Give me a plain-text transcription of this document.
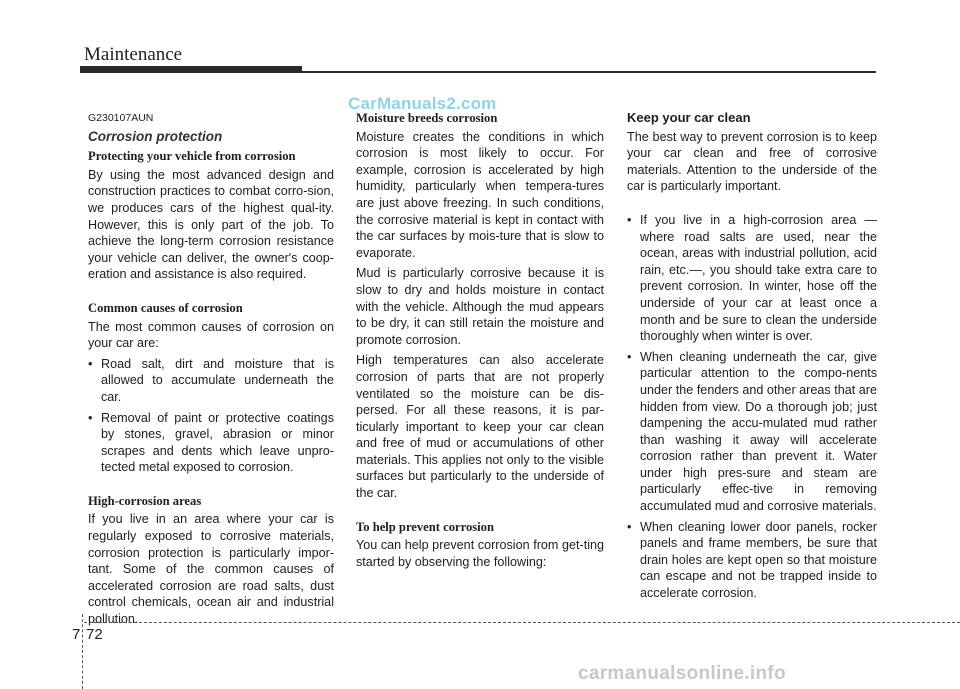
Maintenance
CarManuals2.com
G230107AUN
Corrosion protection
Protecting your vehicle from corrosion

By using the most advanced design and construction practices to combat corro-sion, we produces cars of the highest qual-ity. However, this is only part of the job. To achieve the long-term corrosion resistance your vehicle can deliver, the owner's coop-eration and assistance is also required.

Common causes of corrosion

The most common causes of corrosion on your car are:

• Road salt, dirt and moisture that is allowed to accumulate underneath the car.
• Removal of paint or protective coatings by stones, gravel, abrasion or minor scrapes and dents which leave unpro-tected metal exposed to corrosion.
High-corrosion areas

If you live in an area where your car is regularly exposed to corrosive materials, corrosion protection is particularly impor-tant. Some of the common causes of accelerated corrosion are road salts, dust control chemicals, ocean air and industrial pollution.

Moisture breeds corrosion

Moisture creates the conditions in which corrosion is most likely to occur. For example, corrosion is accelerated by high humidity, particularly when tempera-tures are just above freezing. In such conditions, the corrosive material is kept in contact with the car surfaces by mois-ture that is slow to evaporate.

Mud is particularly corrosive because it is slow to dry and holds moisture in contact with the vehicle. Although the mud appears to be dry, it can still retain the moisture and promote corrosion.

High temperatures can also accelerate corrosion of parts that are not properly ventilated so the moisture can be dis-persed. For all these reasons, it is par-ticularly important to keep your car clean and free of mud or accumulations of other materials. This applies not only to the visible surfaces but particularly to the underside of the car.

To help prevent corrosion

You can help prevent corrosion from get-ting started by observing the following:

Keep your car clean

The best way to prevent corrosion is to keep your car clean and free of corrosive materials. Attention to the underside of the car is particularly important.

• If you live in a high-corrosion area — where road salts are used, near the ocean, areas with industrial pollution, acid rain, etc.—, you should take extra care to prevent corrosion. In winter, hose off the underside of your car at least once a month and be sure to clean the underside thoroughly when winter is over.
• When cleaning underneath the car, give particular attention to the compo-nents under the fenders and other areas that are hidden from view. Do a thorough job; just dampening the accu-mulated mud rather than washing it away will accelerate corrosion rather than prevent it. Water under high pres-sure and steam are particularly effec-tive in removing accumulated mud and corrosive materials.
• When cleaning lower door panels, rocker panels and frame members, be sure that drain holes are kept open so that moisture can escape and not be trapped inside to accelerate corrosion.
7 72
carmanualsonline.info
